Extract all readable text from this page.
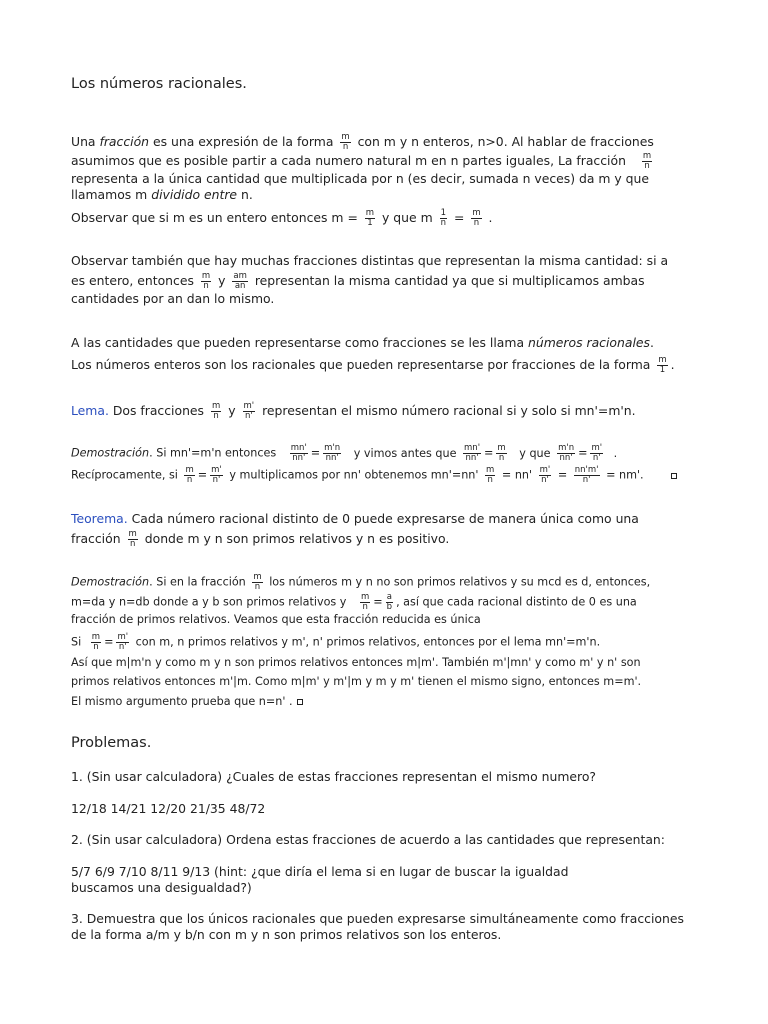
Los números racionales.
Una fracción es una expresión de la forma $\frac{m}{n}$ con m y n enteros, n>0. Al hablar de fracciones
asumimos que es posible partir a cada numero natural m en n partes iguales, La fracción $\frac{m}{n}$
representa a la única cantidad que multiplicada por n (es decir, sumada n veces) da m y que
llamamos m dividido entre n.
Observar que si m es un entero entonces $m = \frac{m}{1}$ y que m $\frac{1}{n} = \frac{m}{n}$ .
Observar también que hay muchas fracciones distintas que representan la misma cantidad: si a
es entero, entonces $\frac{m}{n}$ y $\frac{am}{an}$ representan la misma cantidad ya que si multiplicamos ambas
cantidades por an dan lo mismo.
A las cantidades que pueden representarse como fracciones se les llama números racionales.
Los números enteros son los racionales que pueden representarse por fracciones de la forma $\frac{m}{1}$ .
Lema. Dos fracciones $\frac{m}{n}$ y $\frac{m'}{n'}$ representan el mismo número racional si y solo si mn'=m'n.
Demostración. Si mn'=m'n entonces $\frac{mn'}{nn'} = \frac{m'n}{nn'}$ y vimos antes que $\frac{mn'}{nn'} = \frac{m}{n}$ y que $\frac{m'n}{nn'} = \frac{m'}{n'}$ .
Recíprocamente, si $\frac{m}{n} = \frac{m'}{n'}$ y multiplicamos por nn' obtenemos $mn'=nn' \frac{m}{n} = nn' \frac{m'}{n'} = \frac{nn'm'}{n'} = nm'$.
Teorema. Cada número racional distinto de 0 puede expresarse de manera única como una
fracción $\frac{m}{n}$ donde m y n son primos relativos y n es positivo.
Demostración. Si en la fracción $\frac{m}{n}$ los números m y n no son primos relativos y su mcd es d, entonces,
m=da y n=db donde a y b son primos relativos y $\frac{m}{n} = \frac{a}{b}$ , así que cada racional distinto de 0 es una
fracción de primos relativos. Veamos que esta fracción reducida es única
Si $\frac{m}{n} = \frac{m'}{n'}$ con m, n primos relativos y m', n' primos relativos, entonces por el lema mn'=m'n.
Así que m|m'n y como m y n son primos relativos entonces m|m'. También m'|mn' y como m' y n' son
primos relativos entonces m'|m. Como m|m' y m'|m y m y m' tienen el mismo signo, entonces m=m'.
El mismo argumento prueba que n=n' .
Problemas.
1. (Sin usar calculadora) ¿Cuales de estas fracciones representan el mismo numero?
12/18 14/21 12/20 21/35 48/72
2. (Sin usar calculadora) Ordena estas fracciones de acuerdo a las cantidades que representan:
5/7 6/9 7/10 8/11 9/13 (hint: ¿que diría el lema si en lugar de buscar la igualdad
buscamos una desigualdad?)
3. Demuestra que los únicos racionales que pueden expresarse simultáneamente como fracciones
de la forma a/m y b/n con m y n son primos relativos son los enteros.
